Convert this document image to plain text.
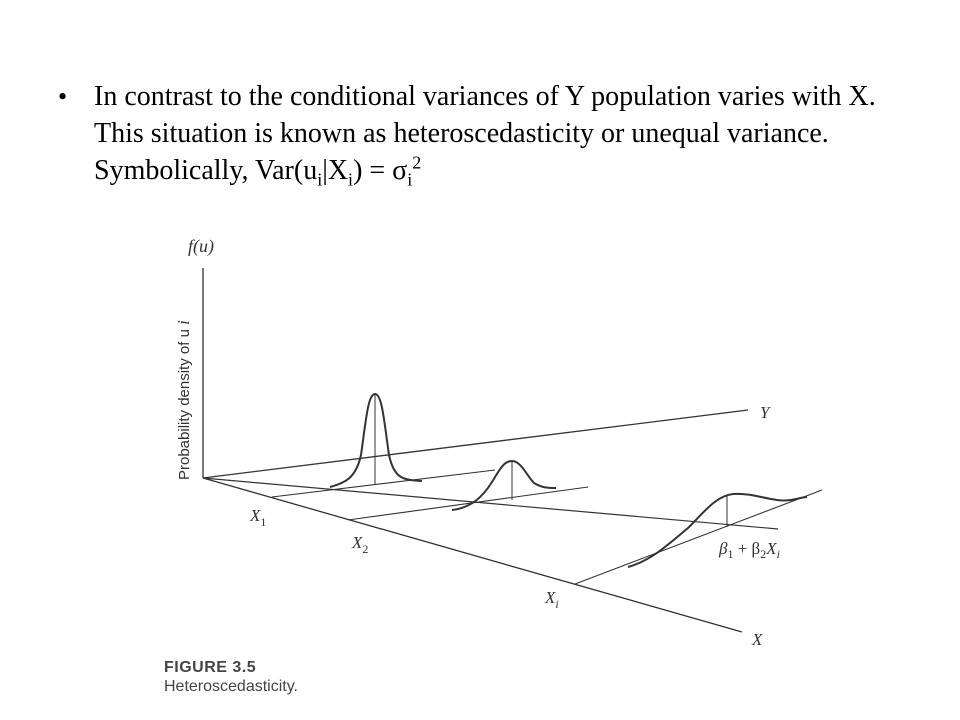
• In contrast to the conditional variances of Y population varies with X. This situation is known as heteroscedasticity or unequal variance. Symbolically, $Var(u_i|X_i) = \sigma_i^2$
f(u)
Probability density of u i
Y
X
$X_1$
$X_2$
$X_i$
$\beta_1 + \beta_2X_i$
FIGURE 3.5
Heteroscedasticity.
